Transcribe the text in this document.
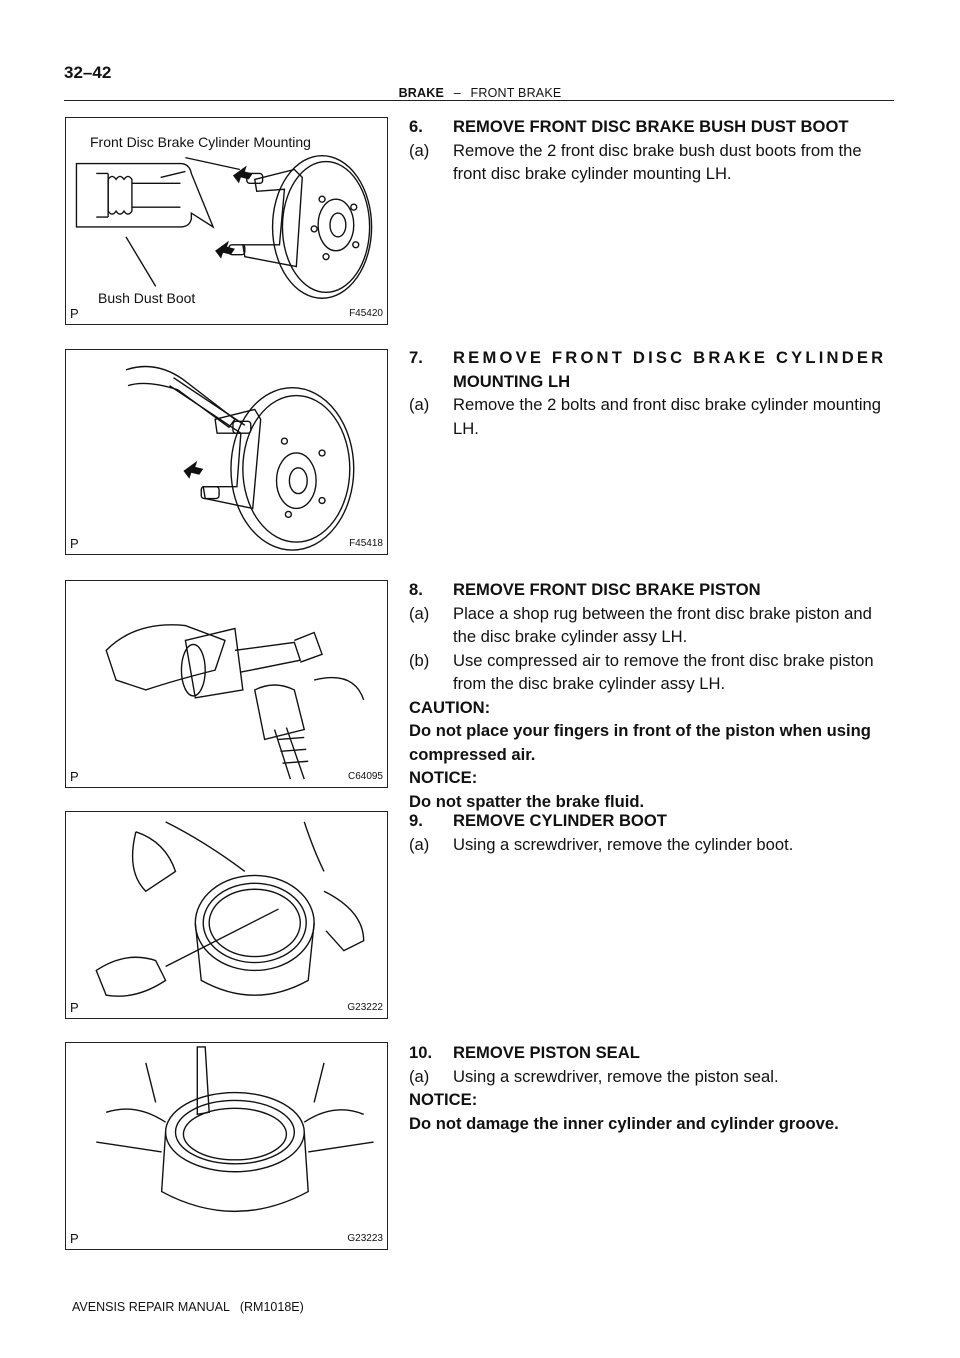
32–42
BRAKE – FRONT BRAKE
Front Disc Brake Cylinder Mounting
Bush Dust Boot
P	F45420
P	F45418
P	C64095
P	G23222
P	G23223
6. REMOVE FRONT DISC BRAKE BUSH DUST BOOT
(a) Remove the 2 front disc brake bush dust boots from the front disc brake cylinder mounting LH.
7. REMOVE FRONT DISC BRAKE CYLINDER
MOUNTING LH
(a) Remove the 2 bolts and front disc brake cylinder mounting LH.
8. REMOVE FRONT DISC BRAKE PISTON
(a) Place a shop rug between the front disc brake piston and the disc brake cylinder assy LH.
(b) Use compressed air to remove the front disc brake piston from the disc brake cylinder assy LH.
CAUTION:
Do not place your fingers in front of the piston when using compressed air.
NOTICE:
Do not spatter the brake fluid.
9. REMOVE CYLINDER BOOT
(a) Using a screwdriver, remove the cylinder boot.
10. REMOVE PISTON SEAL
(a) Using a screwdriver, remove the piston seal.
NOTICE:
Do not damage the inner cylinder and cylinder groove.
AVENSIS REPAIR MANUAL   (RM1018E)
